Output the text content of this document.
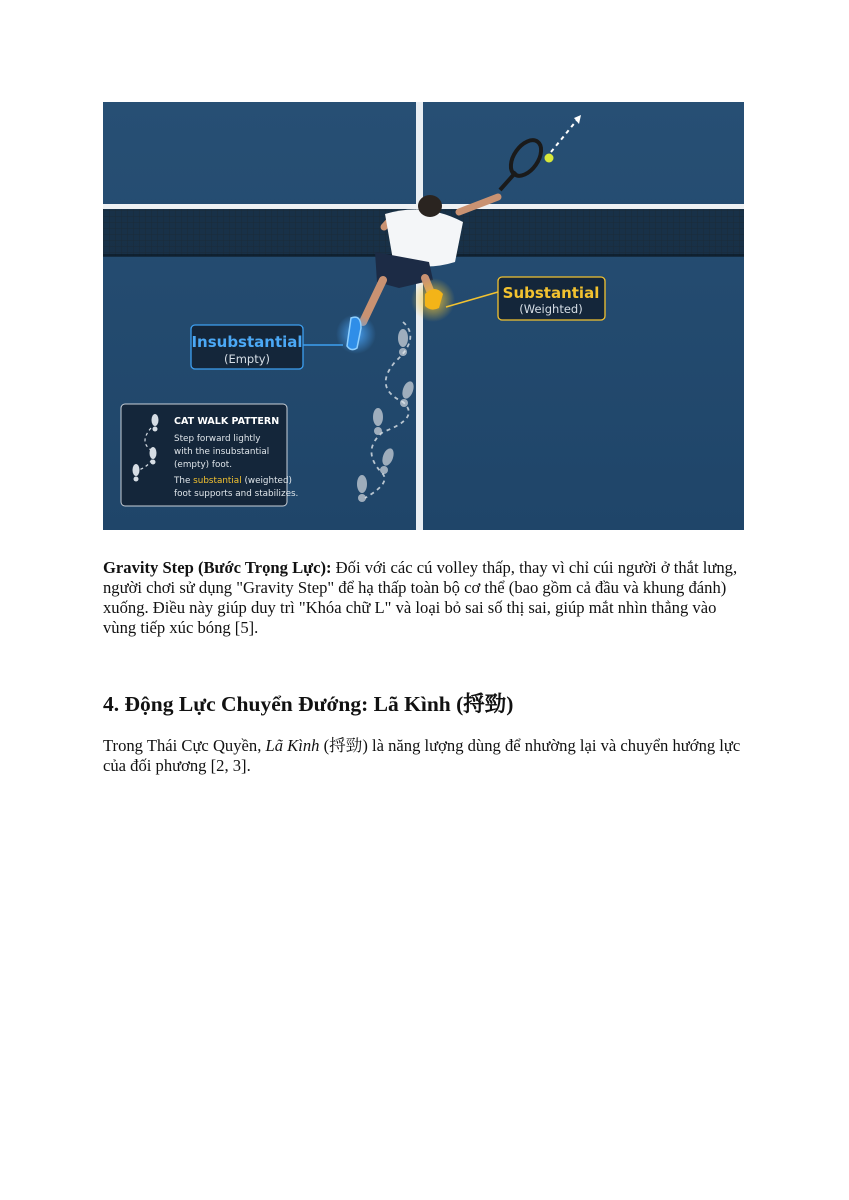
Insubstantial
(Empty)
Substantial
(Weighted)
CAT WALK PATTERN
Step forward lightly
with the insubstantial
(empty) foot.
The substantial (weighted)
foot supports and stabilizes.

Gravity Step (Bước Trọng Lực): Đối với các cú volley thấp, thay vì chỉ cúi người ở thắt lưng, người chơi sử dụng "Gravity Step" để hạ thấp toàn bộ cơ thể (bao gồm cả đầu và khung đánh) xuống. Điều này giúp duy trì "Khóa chữ L" và loại bỏ sai số thị sai, giúp mắt nhìn thẳng vào vùng tiếp xúc bóng [5].

4. Động Lực Chuyển Đướng: Lã Kình (捋勁)

Trong Thái Cực Quyền, Lã Kình (捋勁) là năng lượng dùng để nhường lại và chuyển hướng lực của đối phương [2, 3].
